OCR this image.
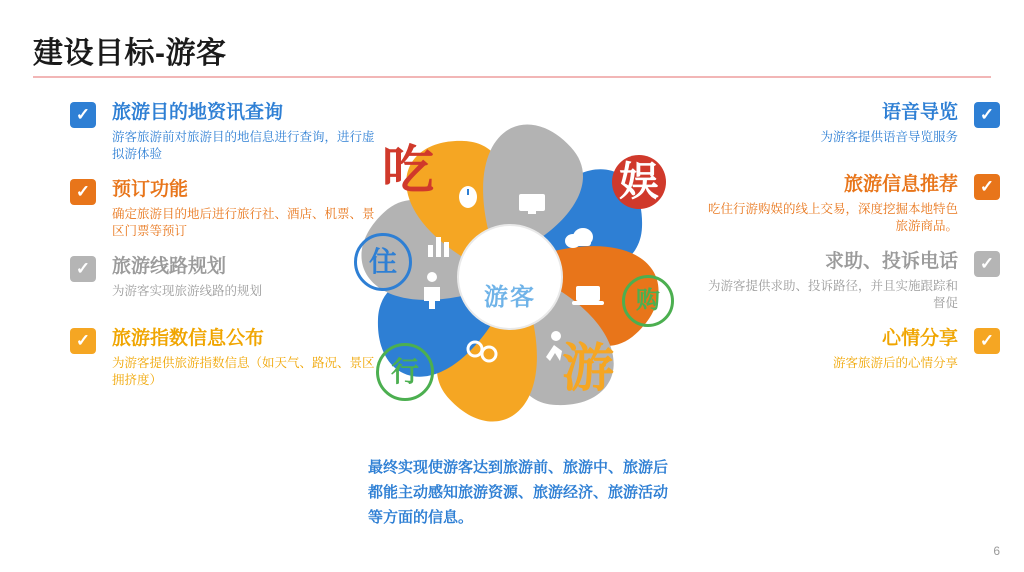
建设目标-游客
✓	旅游目的地资讯查询
游客旅游前对旅游目的地信息进行查询，进行虚拟游体验
✓	预订功能
确定旅游目的地后进行旅行社、酒店、机票、景区门票等预订
✓	旅游线路规划
为游客实现旅游线路的规划
✓	旅游指数信息公布
为游客提供旅游指数信息（如天气、路况、景区拥挤度）
✓
语音导览
为游客提供语音导览服务
✓
旅游信息推荐
吃住行游购娱的线上交易，深度挖掘本地特色旅游商品。
✓
求助、投诉电话
为游客提供求助、投诉路径，并且实施跟踪和督促
✓
心情分享
游客旅游后的心情分享
游客
吃	娱
游
住
行
购
最终实现使游客达到旅游前、旅游中、旅游后都能主动感知旅游资源、旅游经济、旅游活动等方面的信息。
6
